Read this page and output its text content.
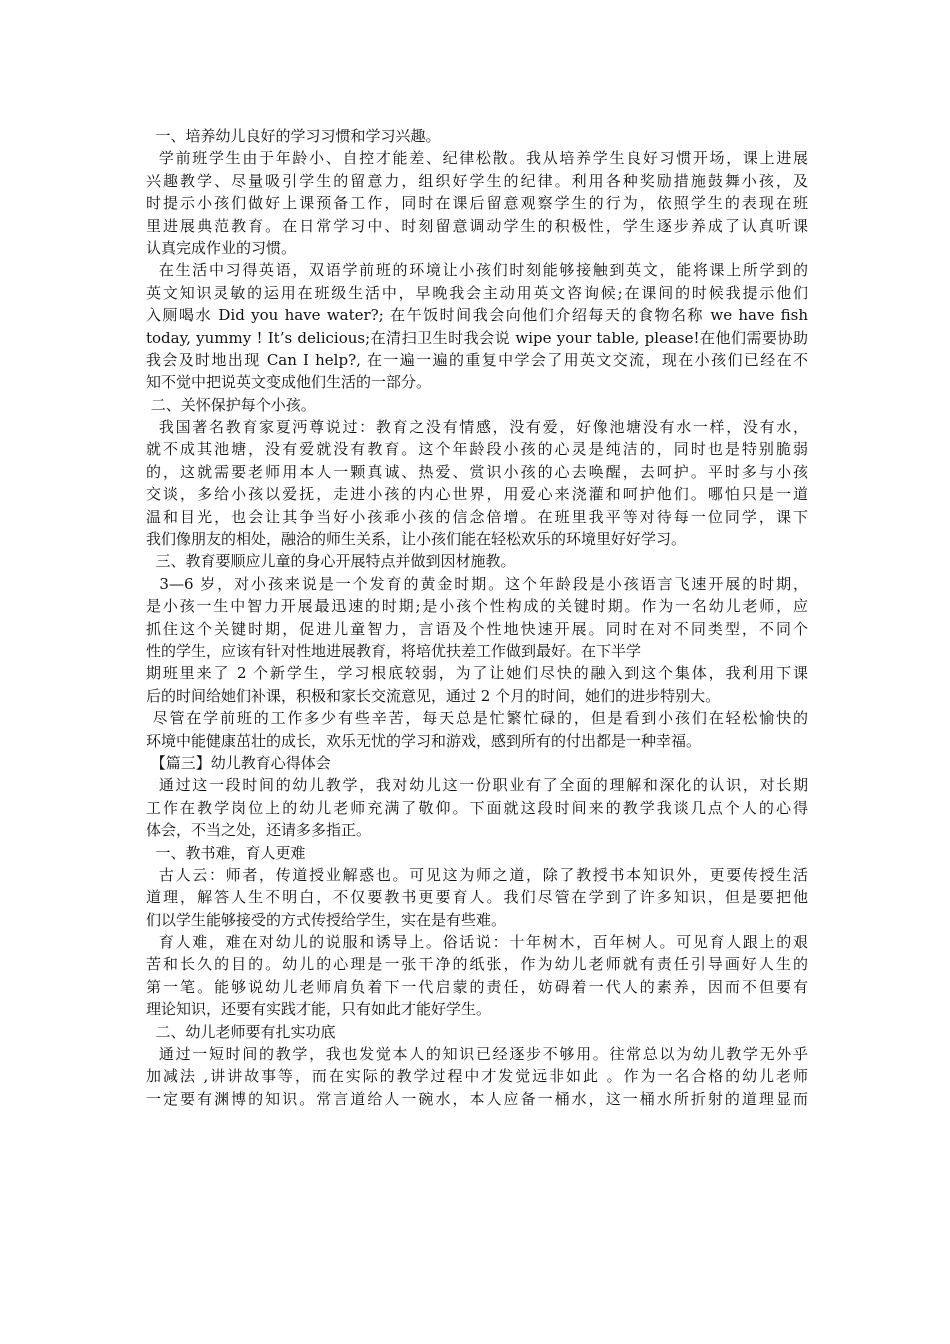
一、培养幼儿良好的学习习惯和学习兴趣。
学前班学生由于年龄小、自控才能差、纪律松散。我从培养学生良好习惯开场，课上进展
兴趣教学、尽量吸引学生的留意力，组织好学生的纪律。利用各种奖励措施鼓舞小孩，及
时提示小孩们做好上课预备工作，同时在课后留意观察学生的行为，依照学生的表现在班
里进展典范教育。在日常学习中、时刻留意调动学生的积极性，学生逐步养成了认真听课
认真完成作业的习惯。
在生活中习得英语，双语学前班的环境让小孩们时刻能够接触到英文，能将课上所学到的
英文知识灵敏的运用在班级生活中，早晚我会主动用英文咨询候;在课间的时候我提示他们
入厕喝水 Did you have water?; 在午饭时间我会向他们介绍每天的食物名称 we have fish
today, yummy ! It’s delicious;在清扫卫生时我会说 wipe your table, please!在他们需要协助
我会及时地出现 Can I help?, 在一遍一遍的重复中学会了用英文交流，现在小孩们已经在不
知不觉中把说英文变成他们生活的一部分。
二、关怀保护每个小孩。
我国著名教育家夏沔尊说过：教育之没有情感，没有爱，好像池塘没有水一样，没有水，
就不成其池塘，没有爱就没有教育。这个年龄段小孩的心灵是纯洁的，同时也是特别脆弱
的，这就需要老师用本人一颗真诚、热爱、赏识小孩的心去唤醒，去呵护。平时多与小孩
交谈，多给小孩以爱抚，走进小孩的内心世界，用爱心来浇灌和呵护他们。哪怕只是一道
温和目光，也会让其争当好小孩乖小孩的信念倍增。在班里我平等对待每一位同学，课下
我们像朋友的相处，融洽的师生关系，让小孩们能在轻松欢乐的环境里好好学习。
三、教育要顺应儿童的身心开展特点并做到因材施教。
3—6 岁，对小孩来说是一个发育的黄金时期。这个年龄段是小孩语言飞速开展的时期，
是小孩一生中智力开展最迅速的时期;是小孩个性构成的关键时期。作为一名幼儿老师，应
抓住这个关键时期，促进儿童智力，言语及个性地快速开展。同时在对不同类型，不同个
性的学生，应该有针对性地进展教育，将培优扶差工作做到最好。在下半学
期班里来了 2 个新学生，学习根底较弱，为了让她们尽快的融入到这个集体，我利用下课
后的时间给她们补课，积极和家长交流意见，通过 2 个月的时间，她们的进步特别大。
尽管在学前班的工作多少有些辛苦，每天总是忙繁忙碌的，但是看到小孩们在轻松愉快的
环境中能健康茁壮的成长，欢乐无忧的学习和游戏，感到所有的付出都是一种幸福。
【篇三】幼儿教育心得体会
通过这一段时间的幼儿教学，我对幼儿这一份职业有了全面的理解和深化的认识，对长期
工作在教学岗位上的幼儿老师充满了敬仰。下面就这段时间来的教学我谈几点个人的心得
体会，不当之处，还请多多指正。
一、教书难，育人更难
古人云：师者，传道授业解惑也。可见这为师之道，除了教授书本知识外，更要传授生活
道理，解答人生不明白，不仅要教书更要育人。我们尽管在学到了许多知识，但是要把他
们以学生能够接受的方式传授给学生，实在是有些难。
育人难，难在对幼儿的说服和诱导上。俗话说：十年树木，百年树人。可见育人跟上的艰
苦和长久的目的。幼儿的心理是一张干净的纸张，作为幼儿老师就有责任引导画好人生的
第一笔。能够说幼儿老师肩负着下一代启蒙的责任，妨碍着一代人的素养，因而不但要有
理论知识，还要有实践才能，只有如此才能好学生。
二、幼儿老师要有扎实功底
通过一短时间的教学，我也发觉本人的知识已经逐步不够用。往常总以为幼儿教学无外乎
加减法 ,讲讲故事等，而在实际的教学过程中才发觉远非如此 。作为一名合格的幼儿老师
一定要有渊博的知识。常言道给人一碗水，本人应备一桶水，这一桶水所折射的道理显而
